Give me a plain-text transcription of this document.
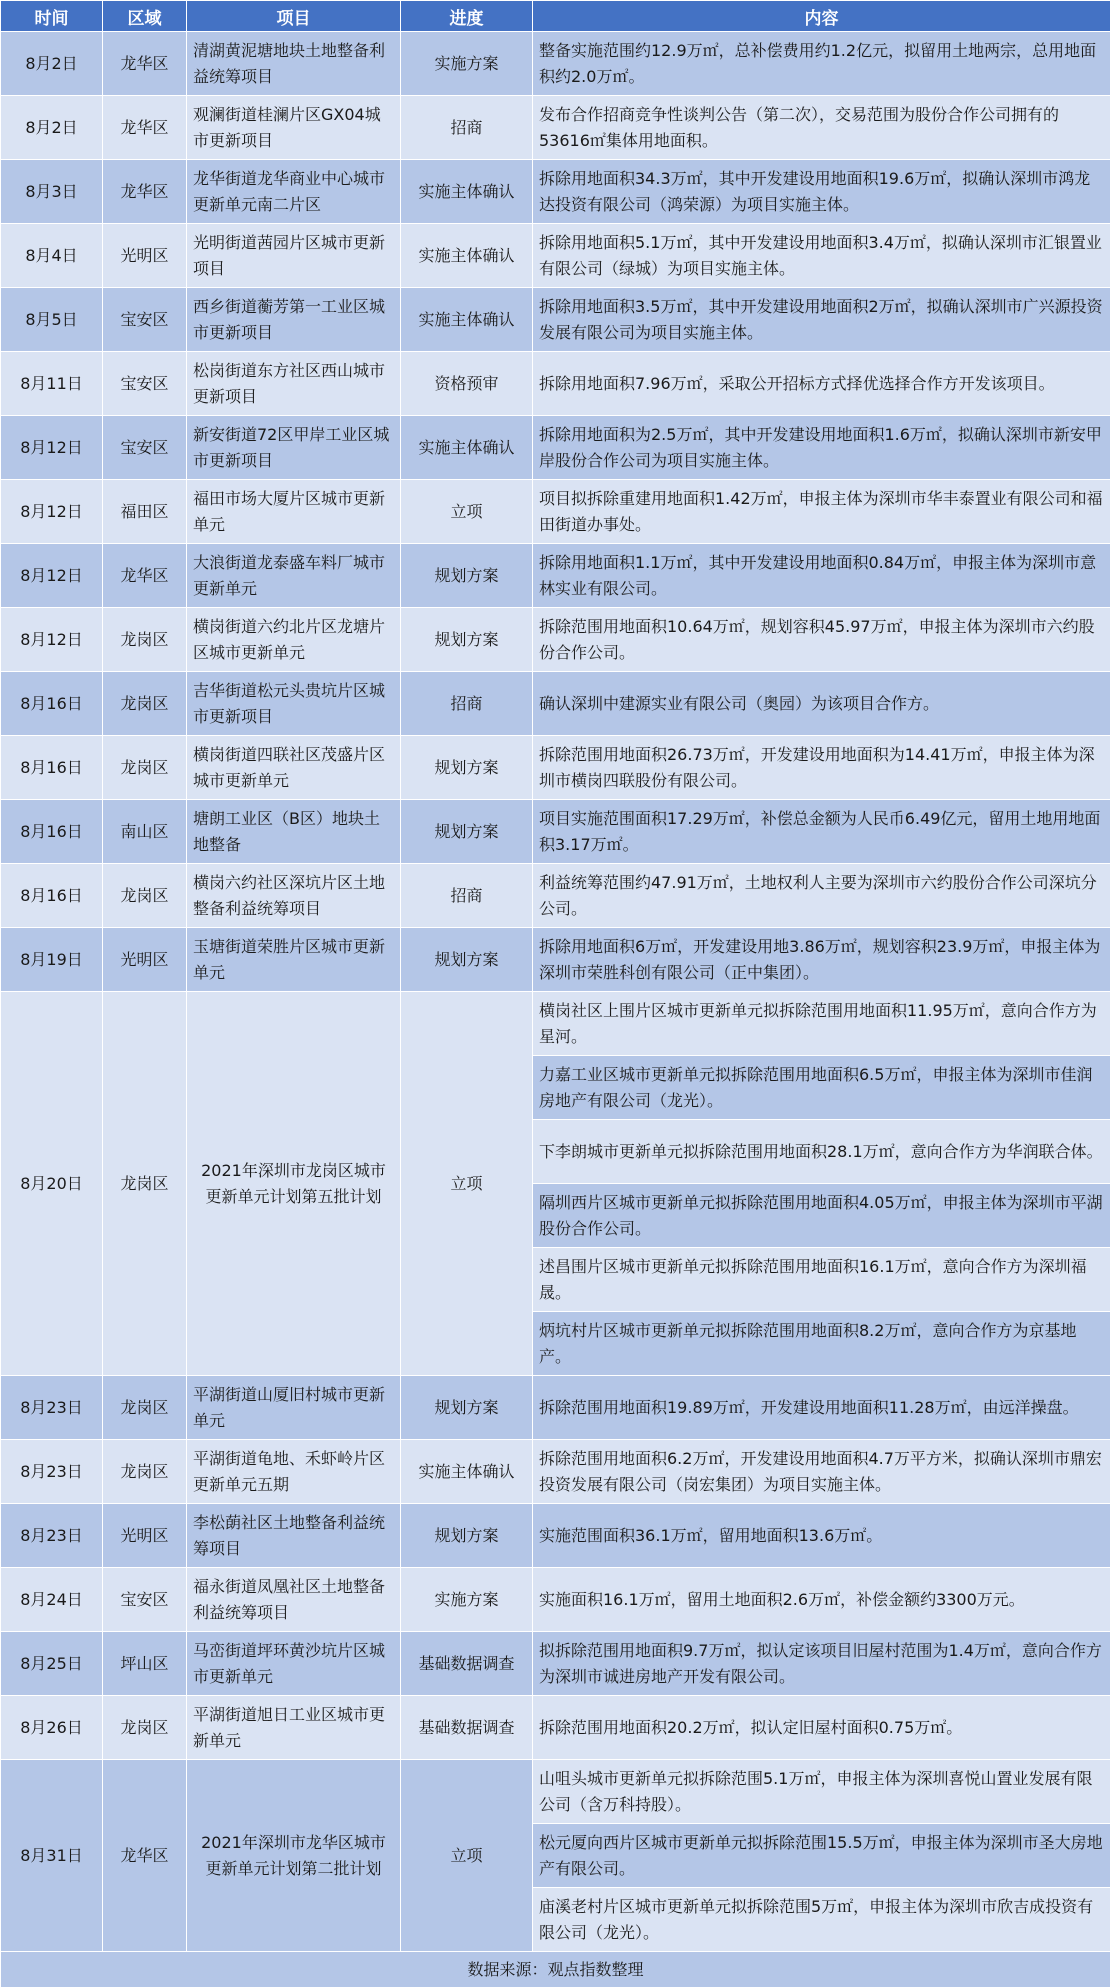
时间	区域	项目	进度	内容
8月2日	龙华区	清湖黄泥塘地块土地整备利益统筹项目	实施方案	整备实施范围约12.9万㎡，总补偿费用约1.2亿元，拟留用土地两宗，总用地面积约2.0万㎡。
8月2日	龙华区	观澜街道桂澜片区GX04城市更新项目	招商	发布合作招商竞争性谈判公告（第二次），交易范围为股份合作公司拥有的53616㎡集体用地面积。
8月3日	龙华区	龙华街道龙华商业中心城市更新单元南二片区	实施主体确认	拆除用地面积34.3万㎡，其中开发建设用地面积19.6万㎡，拟确认深圳市鸿龙达投资有限公司（鸿荣源）为项目实施主体。
8月4日	光明区	光明街道茜园片区城市更新项目	实施主体确认	拆除用地面积5.1万㎡，其中开发建设用地面积3.4万㎡，拟确认深圳市汇银置业有限公司（绿城）为项目实施主体。
8月5日	宝安区	西乡街道蘅芳第一工业区城市更新项目	实施主体确认	拆除用地面积3.5万㎡，其中开发建设用地面积2万㎡，拟确认深圳市广兴源投资发展有限公司为项目实施主体。
8月11日	宝安区	松岗街道东方社区西山城市更新项目	资格预审	拆除用地面积7.96万㎡，采取公开招标方式择优选择合作方开发该项目。
8月12日	宝安区	新安街道72区甲岸工业区城市更新项目	实施主体确认	拆除用地面积为2.5万㎡，其中开发建设用地面积1.6万㎡，拟确认深圳市新安甲岸股份合作公司为项目实施主体。
8月12日	福田区	福田市场大厦片区城市更新单元	立项	项目拟拆除重建用地面积1.42万㎡，申报主体为深圳市华丰泰置业有限公司和福田街道办事处。
8月12日	龙华区	大浪街道龙泰盛车料厂城市更新单元	规划方案	拆除用地面积1.1万㎡，其中开发建设用地面积0.84万㎡，申报主体为深圳市意林实业有限公司。
8月12日	龙岗区	横岗街道六约北片区龙塘片区城市更新单元	规划方案	拆除范围用地面积10.64万㎡，规划容积45.97万㎡，申报主体为深圳市六约股份合作公司。
8月16日	龙岗区	吉华街道松元头贵坑片区城市更新项目	招商	确认深圳中建源实业有限公司（奥园）为该项目合作方。
8月16日	龙岗区	横岗街道四联社区茂盛片区城市更新单元	规划方案	拆除范围用地面积26.73万㎡，开发建设用地面积为14.41万㎡，申报主体为深圳市横岗四联股份有限公司。
8月16日	南山区	塘朗工业区（B区）地块土地整备	规划方案	项目实施范围面积17.29万㎡，补偿总金额为人民币6.49亿元，留用土地用地面积3.17万㎡。
8月16日	龙岗区	横岗六约社区深坑片区土地整备利益统筹项目	招商	利益统筹范围约47.91万㎡，土地权利人主要为深圳市六约股份合作公司深坑分公司。
8月19日	光明区	玉塘街道荣胜片区城市更新单元	规划方案	拆除用地面积6万㎡，开发建设用地3.86万㎡，规划容积23.9万㎡，申报主体为深圳市荣胜科创有限公司（正中集团）。
8月20日	龙岗区	2021年深圳市龙岗区城市更新单元计划第五批计划	立项	横岗社区上围片区城市更新单元拟拆除范围用地面积11.95万㎡，意向合作方为星河。
				力嘉工业区城市更新单元拟拆除范围用地面积6.5万㎡，申报主体为深圳市佳润房地产有限公司（龙光）。
				下李朗城市更新单元拟拆除范围用地面积28.1万㎡，意向合作方为华润联合体。
				隔圳西片区城市更新单元拟拆除范围用地面积4.05万㎡，申报主体为深圳市平湖股份合作公司。
				述昌围片区城市更新单元拟拆除范围用地面积16.1万㎡，意向合作方为深圳福晟。
				炳坑村片区城市更新单元拟拆除范围用地面积8.2万㎡，意向合作方为京基地产。
8月23日	龙岗区	平湖街道山厦旧村城市更新单元	规划方案	拆除范围用地面积19.89万㎡，开发建设用地面积11.28万㎡，由远洋操盘。
8月23日	龙岗区	平湖街道龟地、禾虾岭片区更新单元五期	实施主体确认	拆除范围用地面积6.2万㎡，开发建设用地面积4.7万平方米，拟确认深圳市鼎宏投资发展有限公司（岗宏集团）为项目实施主体。
8月23日	光明区	李松蓢社区土地整备利益统筹项目	规划方案	实施范围面积36.1万㎡，留用地面积13.6万㎡。
8月24日	宝安区	福永街道凤凰社区土地整备利益统筹项目	实施方案	实施面积16.1万㎡，留用土地面积2.6万㎡，补偿金额约3300万元。
8月25日	坪山区	马峦街道坪环黄沙坑片区城市更新单元	基础数据调查	拟拆除范围用地面积9.7万㎡，拟认定该项目旧屋村范围为1.4万㎡，意向合作方为深圳市诚进房地产开发有限公司。
8月26日	龙岗区	平湖街道旭日工业区城市更新单元	基础数据调查	拆除范围用地面积20.2万㎡，拟认定旧屋村面积0.75万㎡。
8月31日	龙华区	2021年深圳市龙华区城市更新单元计划第二批计划	立项	山咀头城市更新单元拟拆除范围5.1万㎡，申报主体为深圳喜悦山置业发展有限公司（含万科持股）。
				松元厦向西片区城市更新单元拟拆除范围15.5万㎡，申报主体为深圳市圣大房地产有限公司。
				庙溪老村片区城市更新单元拟拆除范围5万㎡，申报主体为深圳市欣吉成投资有限公司（龙光）。
数据来源：观点指数整理				
